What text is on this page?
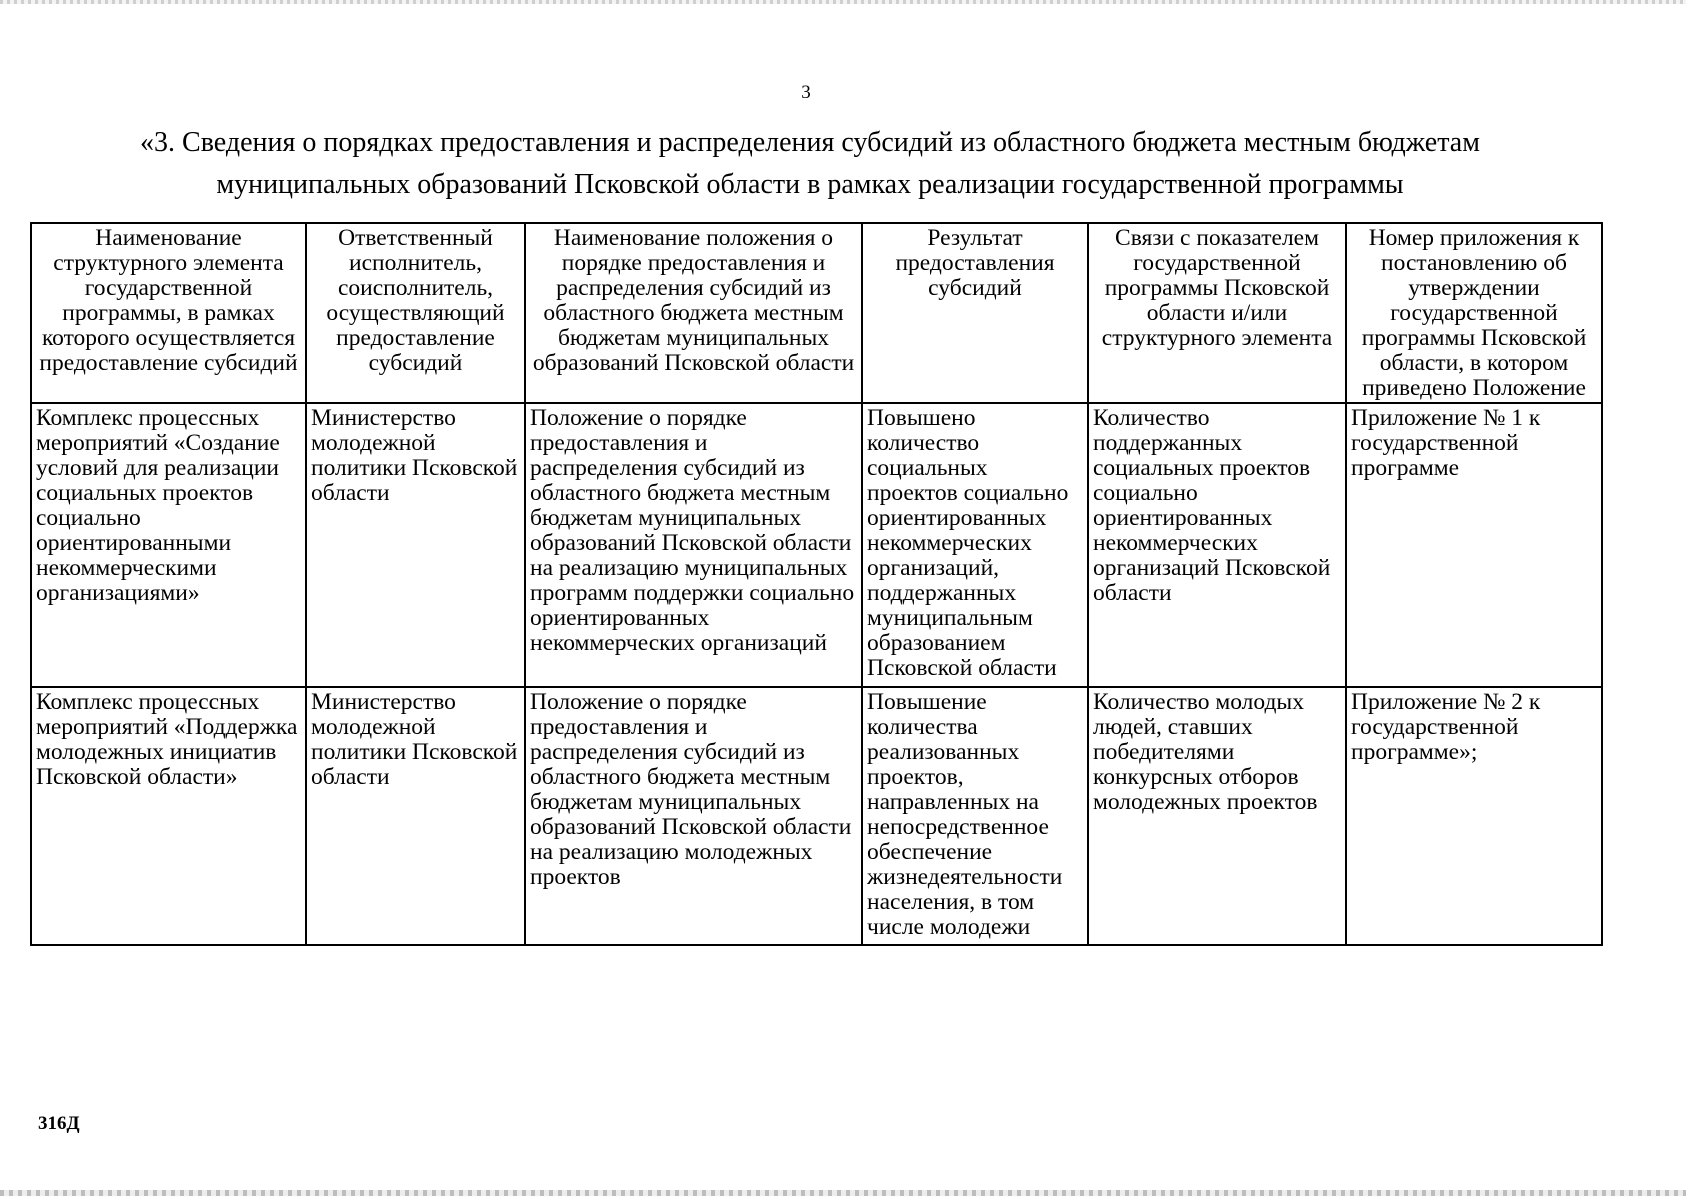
3
«3. Сведения о порядках предоставления и распределения субсидий из областного бюджета местным бюджетам муниципальных образований Псковской области в рамках реализации государственной программы
Наименование структурного элемента государственной программы, в рамках которого осуществляется предоставление субсидий	Ответственный исполнитель, соисполнитель, осуществляющий предоставление субсидий	Наименование положения о порядке предоставления и распределения субсидий из областного бюджета местным бюджетам муниципальных образований Псковской области	Результат предоставления субсидий	Связи с показателем государственной программы Псковской области и/или структурного элемента	Номер приложения к постановлению об утверждении государственной программы Псковской области, в котором приведено Положение
Комплекс процессных мероприятий «Создание условий для реализации социальных проектов социально ориентированными некоммерческими организациями»	Министерство молодежной политики Псковской области	Положение о порядке предоставления и распределения субсидий из областного бюджета местным бюджетам муниципальных образований Псковской области на реализацию муниципальных программ поддержки социально ориентированных некоммерческих организаций	Повышено количество социальных проектов социально ориентированных некоммерческих организаций, поддержанных муниципальным образованием Псковской области	Количество поддержанных социальных проектов социально ориентированных некоммерческих организаций Псковской области	Приложение № 1 к государственной программе
Комплекс процессных мероприятий «Поддержка молодежных инициатив Псковской области»	Министерство молодежной политики Псковской области	Положение о порядке предоставления и распределения субсидий из областного бюджета местным бюджетам муниципальных образований Псковской области на реализацию молодежных проектов	Повышение количества реализованных проектов, направленных на непосредственное обеспечение жизнедеятельности населения, в том числе молодежи	Количество молодых людей, ставших победителями конкурсных отборов молодежных проектов	Приложение № 2 к государственной программе»;
316Д
